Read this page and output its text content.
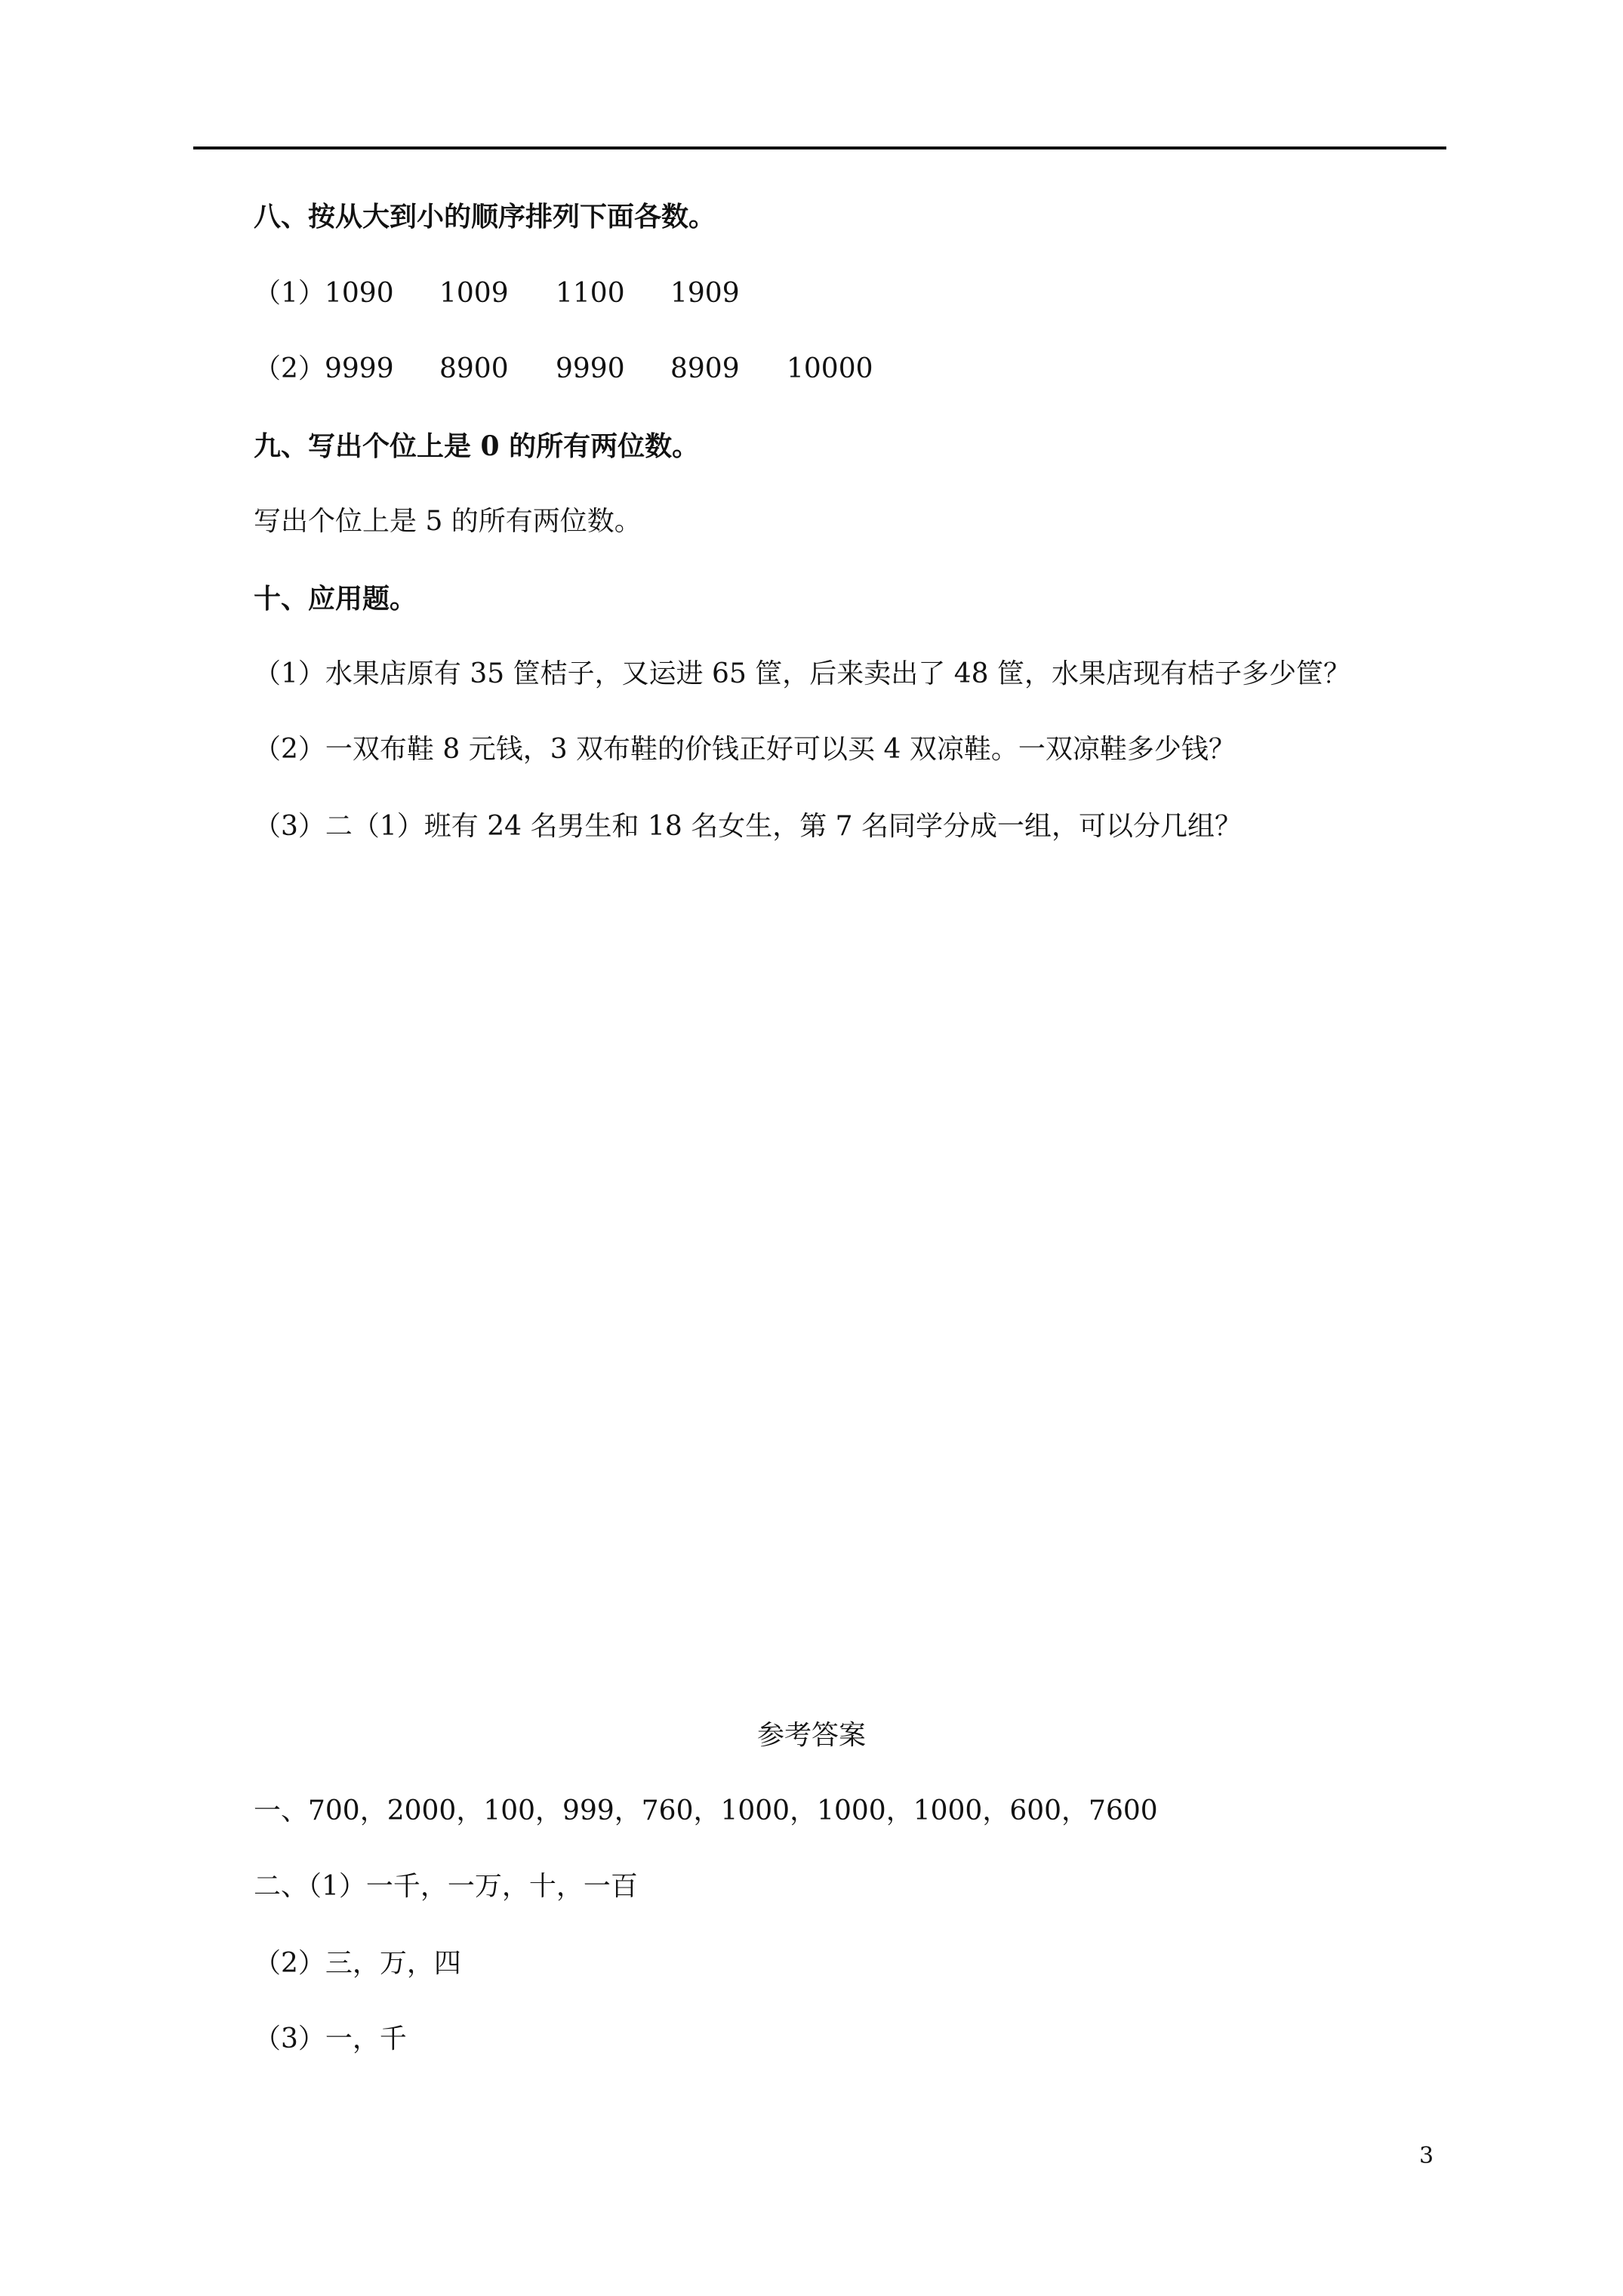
八、按从大到小的顺序排列下面各数。
（1） 1090 1009 1100 1909
（2） 9999 8900 9990 8909 10000
九、写出个位上是 0 的所有两位数。
写出个位上是 5 的所有两位数。
十、应用题。
（1）水果店原有 35 筐桔子，又运进 65 筐，后来卖出了 48 筐，水果店现有桔子多少筐？
（2）一双布鞋 8 元钱，3 双布鞋的价钱正好可以买 4 双凉鞋。一双凉鞋多少钱？
（3）二（1）班有 24 名男生和 18 名女生，第 7 名同学分成一组，可以分几组？
参考答案
一、700，2000，100，999，760，1000，1000，1000，600，7600
二、（1）一千，一万，十，一百
（2）三，万，四
（3）一，千
3
